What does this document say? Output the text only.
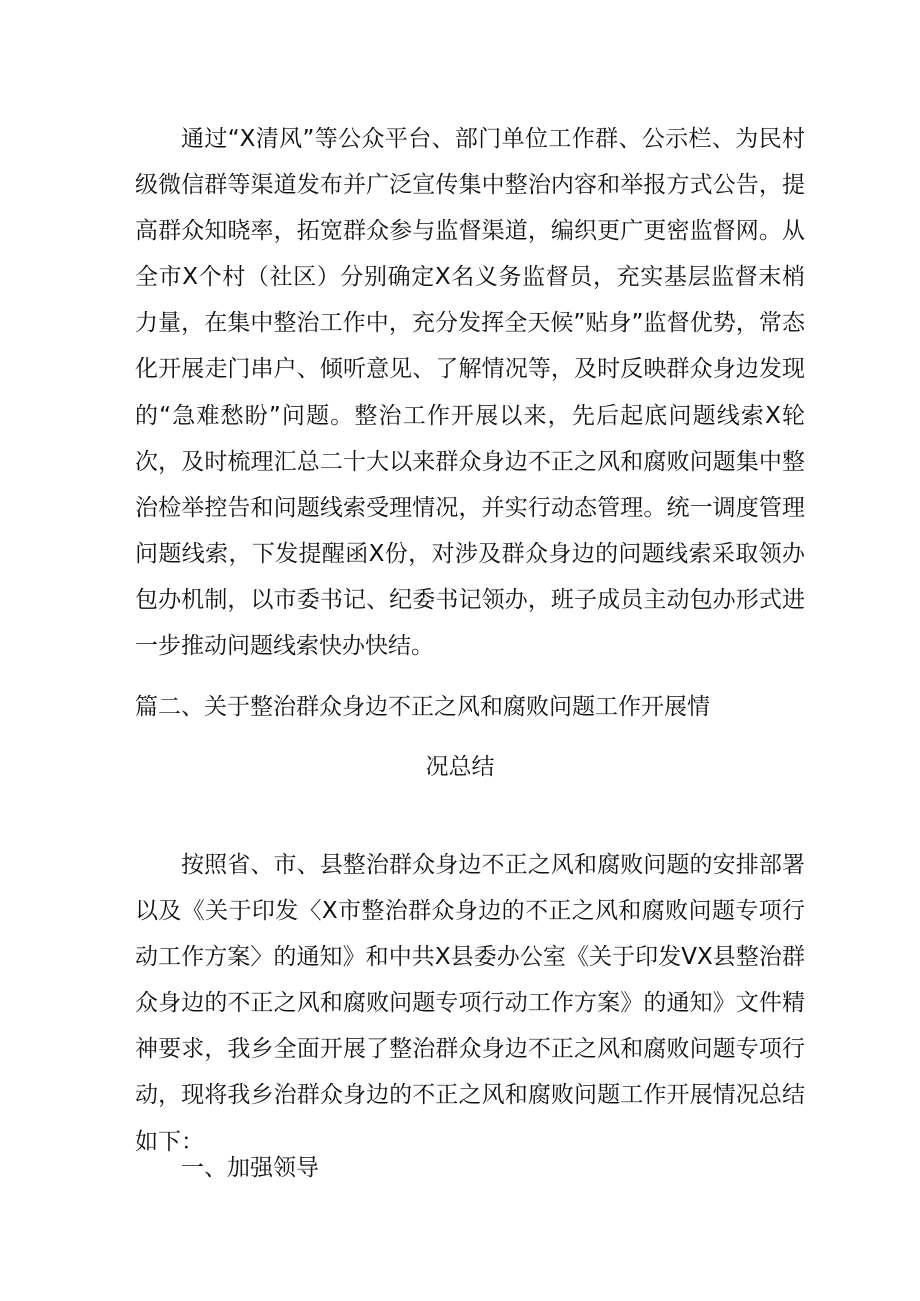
通过“X清风”等公众平台、部门单位工作群、公示栏、为民村级微信群等渠道发布并广泛宣传集中整治内容和举报方式公告，提高群众知晓率，拓宽群众参与监督渠道，编织更广更密监督网。从全市X个村（社区）分别确定X名义务监督员，充实基层监督末梢力量，在集中整治工作中，充分发挥全天候”贴身”监督优势，常态化开展走门串户、倾听意见、了解情况等，及时反映群众身边发现的“急难愁盼”问题。整治工作开展以来，先后起底问题线索X轮次，及时梳理汇总二十大以来群众身边不正之风和腐败问题集中整治检举控告和问题线索受理情况，并实行动态管理。统一调度管理问题线索，下发提醒函X份，对涉及群众身边的问题线索采取领办包办机制，以市委书记、纪委书记领办，班子成员主动包办形式进一步推动问题线索快办快结。

篇二、关于整治群众身边不正之风和腐败问题工作开展情

况总结

按照省、市、县整治群众身边不正之风和腐败问题的安排部署以及《关于印发〈X市整治群众身边的不正之风和腐败问题专项行动工作方案〉的通知》和中共X县委办公室《关于印发VX县整治群众身边的不正之风和腐败问题专项行动工作方案》的通知》文件精神要求，我乡全面开展了整治群众身边不正之风和腐败问题专项行动，现将我乡治群众身边的不正之风和腐败问题工作开展情况总结如下：

一、加强领导
